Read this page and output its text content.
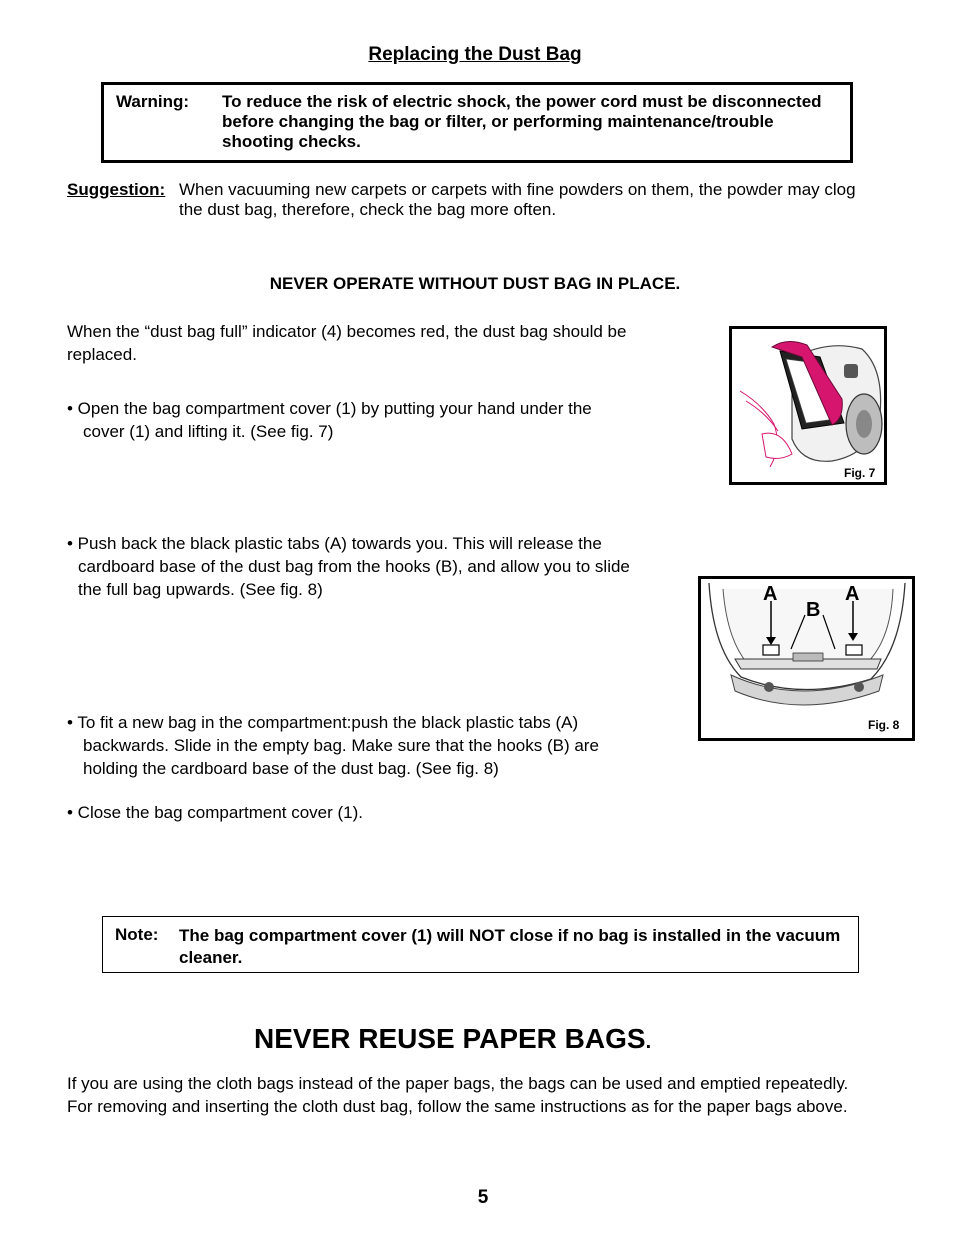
Replacing the Dust Bag
Warning: To reduce the risk of electric shock, the power cord must be disconnected before changing the bag or filter, or performing maintenance/trouble shooting checks.
Suggestion: When vacuuming new carpets or carpets with fine powders on them, the powder may clog the dust bag, therefore, check the bag more often.
NEVER OPERATE WITHOUT DUST BAG IN PLACE.
When the “dust bag full” indicator (4) becomes red, the dust bag should be replaced.
• Open the bag compartment cover (1) by putting your hand under the
cover (1) and lifting it. (See fig. 7)
• Push back the black plastic tabs (A) towards you. This will release the
cardboard base of the dust bag from the hooks (B), and allow you to slide
the full bag upwards. (See fig. 8)
• To fit a new bag in the compartment:push the black plastic tabs (A)
backwards. Slide in the empty bag. Make sure that the hooks (B) are
holding the cardboard base of the dust bag. (See fig. 8)
• Close the bag compartment cover (1).
Fig. 7
A	A
B
Fig. 8
Note: The bag compartment cover (1) will NOT close if no bag is installed in the vacuum cleaner.
NEVER REUSE PAPER BAGS.
If you are using the cloth bags instead of the paper bags, the bags can be used and emptied repeatedly. For removing and inserting the cloth dust bag, follow the same instructions as for the paper bags above.
5
